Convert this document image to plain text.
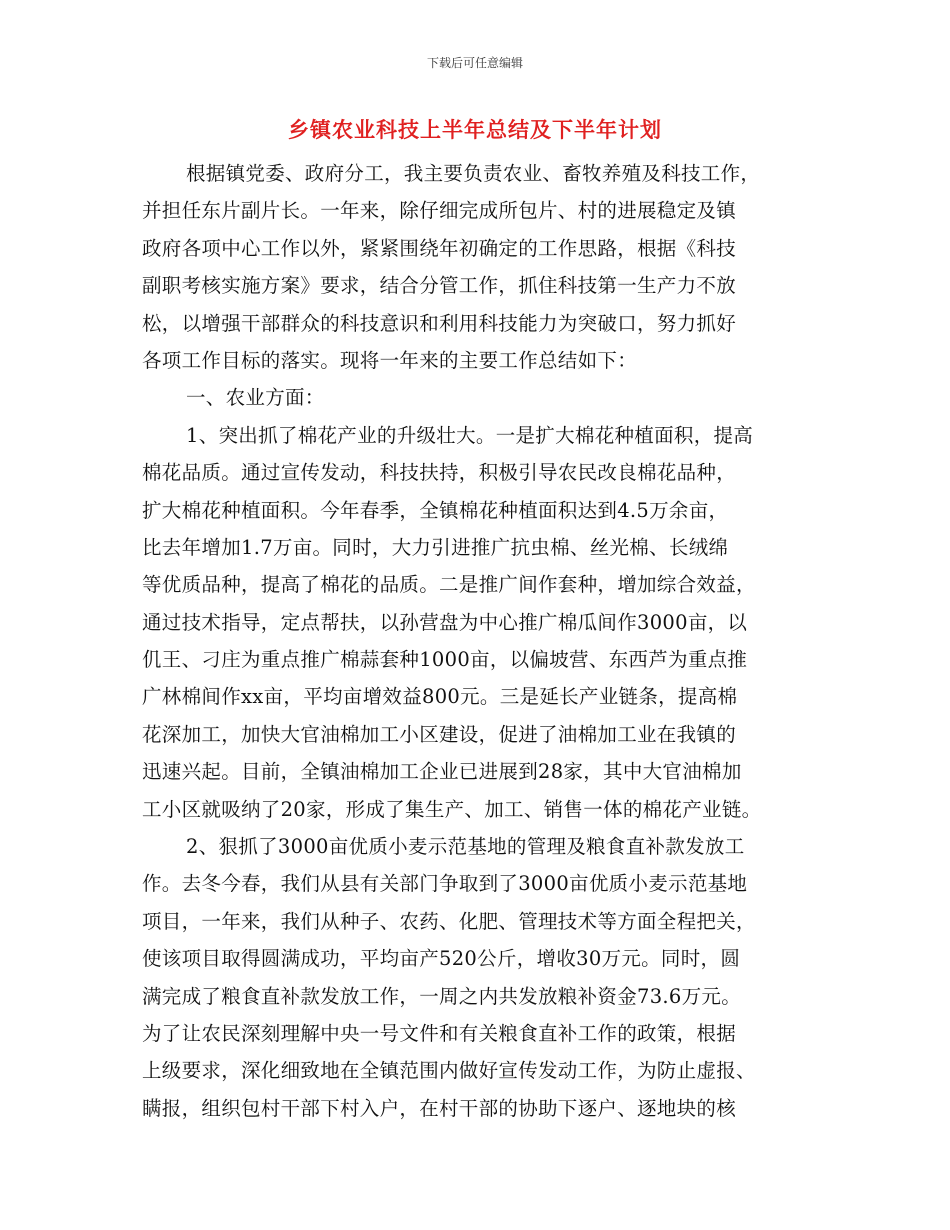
下载后可任意编辑
乡镇农业科技上半年总结及下半年计划
根据镇党委、政府分工，我主要负责农业、畜牧养殖及科技工作，
并担任东片副片长。一年来，除仔细完成所包片、村的进展稳定及镇
政府各项中心工作以外，紧紧围绕年初确定的工作思路，根据《科技
副职考核实施方案》要求，结合分管工作，抓住科技第一生产力不放
松，以增强干部群众的科技意识和利用科技能力为突破口，努力抓好
各项工作目标的落实。现将一年来的主要工作总结如下：
一、农业方面：
1、突出抓了棉花产业的升级壮大。一是扩大棉花种植面积，提高
棉花品质。通过宣传发动，科技扶持，积极引导农民改良棉花品种，
扩大棉花种植面积。今年春季，全镇棉花种植面积达到4.5万余亩，
比去年增加1.7万亩。同时，大力引进推广抗虫棉、丝光棉、长绒绵
等优质品种，提高了棉花的品质。二是推广间作套种，增加综合效益，
通过技术指导，定点帮扶，以孙营盘为中心推广棉瓜间作3000亩，以
仉王、刁庄为重点推广棉蒜套种1000亩，以偏坡营、东西芦为重点推
广林棉间作xx亩，平均亩增效益800元。三是延长产业链条，提高棉
花深加工，加快大官油棉加工小区建设，促进了油棉加工业在我镇的
迅速兴起。目前，全镇油棉加工企业已进展到28家，其中大官油棉加
工小区就吸纳了20家，形成了集生产、加工、销售一体的棉花产业链。
2、狠抓了3000亩优质小麦示范基地的管理及粮食直补款发放工
作。去冬今春，我们从县有关部门争取到了3000亩优质小麦示范基地
项目，一年来，我们从种子、农药、化肥、管理技术等方面全程把关，
使该项目取得圆满成功，平均亩产520公斤，增收30万元。同时，圆
满完成了粮食直补款发放工作，一周之内共发放粮补资金73.6万元。
为了让农民深刻理解中央一号文件和有关粮食直补工作的政策，根据
上级要求，深化细致地在全镇范围内做好宣传发动工作，为防止虚报、
瞒报，组织包村干部下村入户，在村干部的协助下逐户、逐地块的核
